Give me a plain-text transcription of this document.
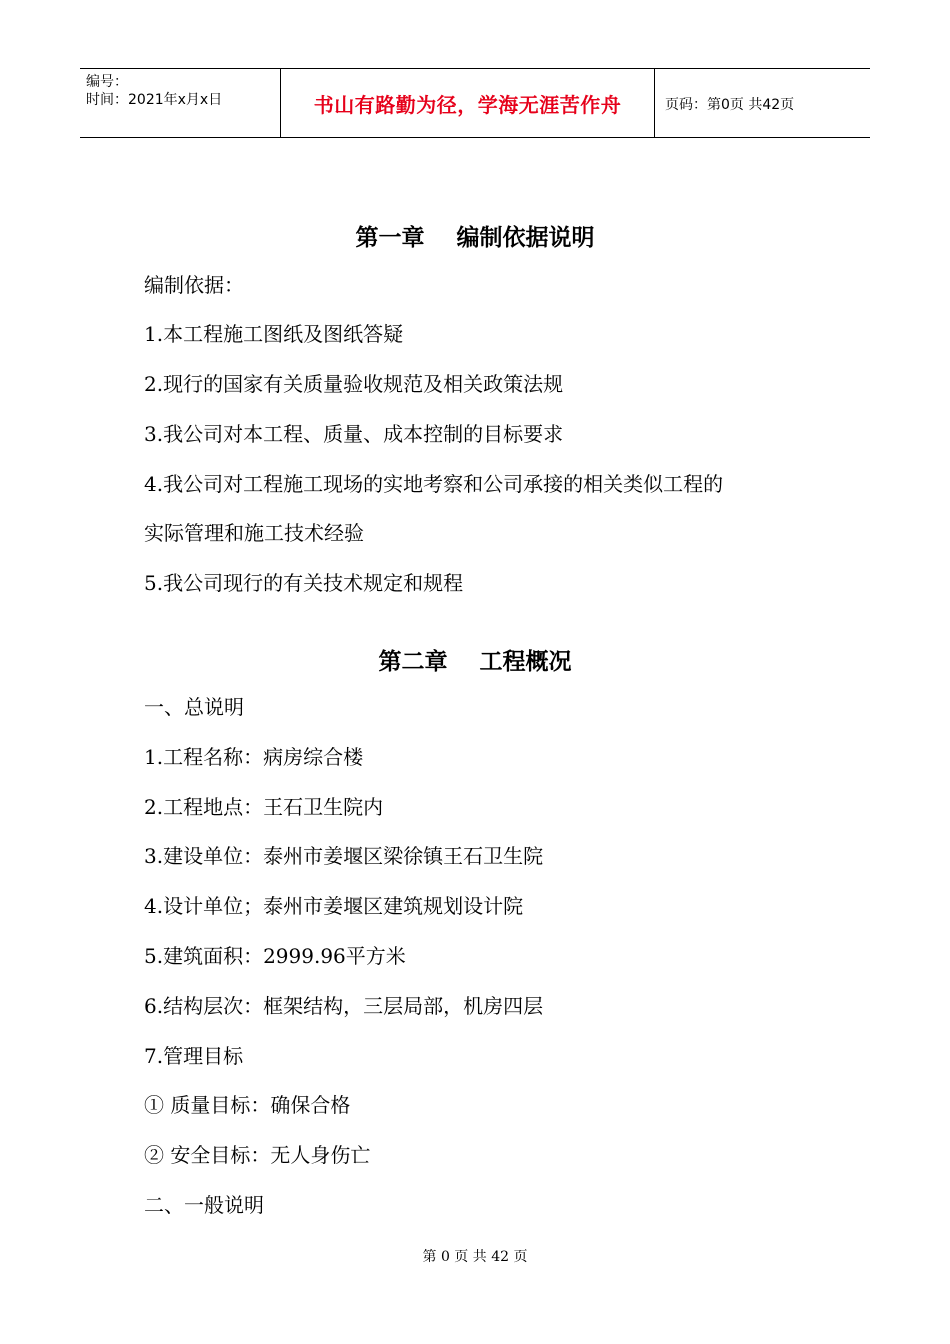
编号：
时间：2021年x月x日	书山有路勤为径，学海无涯苦作舟	页码：第0页 共42页
第一章    编制依据说明
编制依据：
1.本工程施工图纸及图纸答疑
2.现行的国家有关质量验收规范及相关政策法规
3.我公司对本工程、质量、成本控制的目标要求
4.我公司对工程施工现场的实地考察和公司承接的相关类似工程的
实际管理和施工技术经验
5.我公司现行的有关技术规定和规程
第二章    工程概况
一、总说明
1.工程名称：病房综合楼
2.工程地点：王石卫生院内
3.建设单位：泰州市姜堰区梁徐镇王石卫生院
4.设计单位；泰州市姜堰区建筑规划设计院
5.建筑面积：2999.96平方米
6.结构层次：框架结构，三层局部，机房四层
7.管理目标
① 质量目标：确保合格
② 安全目标：无人身伤亡
二、一般说明
第 0 页 共 42 页
